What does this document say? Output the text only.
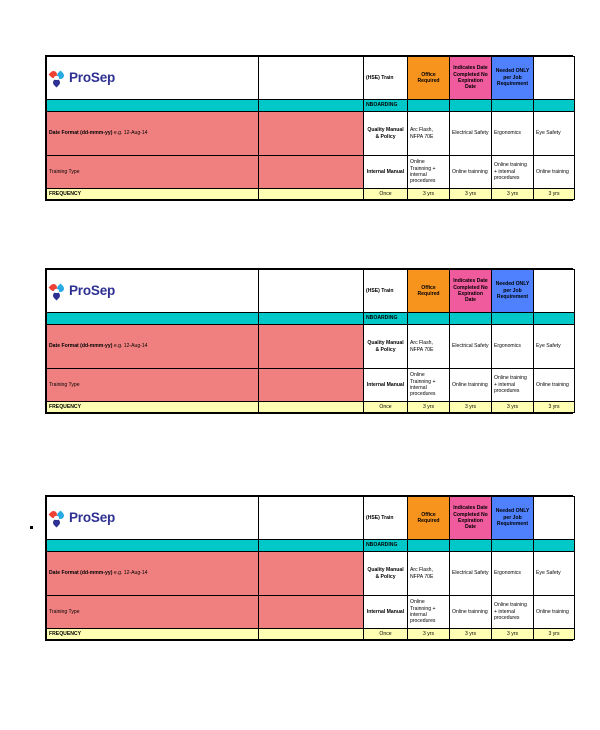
ProSep		(HSE) Train	Office Required	Indicates Date Completed No Expiration Date	Needed ONLY per Job Requirement	
		NBOARDING				
Date Format (dd-mmm-yy) e.g. 12-Aug-14		Quality Manual & Policy	Arc Flash, NFPA 70E	Electrical Safety	Ergonomics	Eye Safety
Training Type		Internal Manual	Online Trainning + internal procedures	Online trainning	Online training + internal procedures	Online training
FREQUENCY		Once	3 yrs	3 yrs	3 yrs	3 yrs
ProSep		(HSE) Train	Office Required	Indicates Date Completed No Expiration Date	Needed ONLY per Job Requirement	
		NBOARDING				
Date Format (dd-mmm-yy) e.g. 12-Aug-14		Quality Manual & Policy	Arc Flash, NFPA 70E	Electrical Safety	Ergonomics	Eye Safety
Training Type		Internal Manual	Online Trainning + internal procedures	Online trainning	Online training + internal procedures	Online training
FREQUENCY		Once	3 yrs	3 yrs	3 yrs	3 yrs
ProSep		(HSE) Train	Office Required	Indicates Date Completed No Expiration Date	Needed ONLY per Job Requirement	
		NBOARDING				
Date Format (dd-mmm-yy) e.g. 12-Aug-14		Quality Manual & Policy	Arc Flash, NFPA 70E	Electrical Safety	Ergonomics	Eye Safety
Training Type		Internal Manual	Online Trainning + internal procedures	Online trainning	Online training + internal procedures	Online training
FREQUENCY		Once	3 yrs	3 yrs	3 yrs	3 yrs
